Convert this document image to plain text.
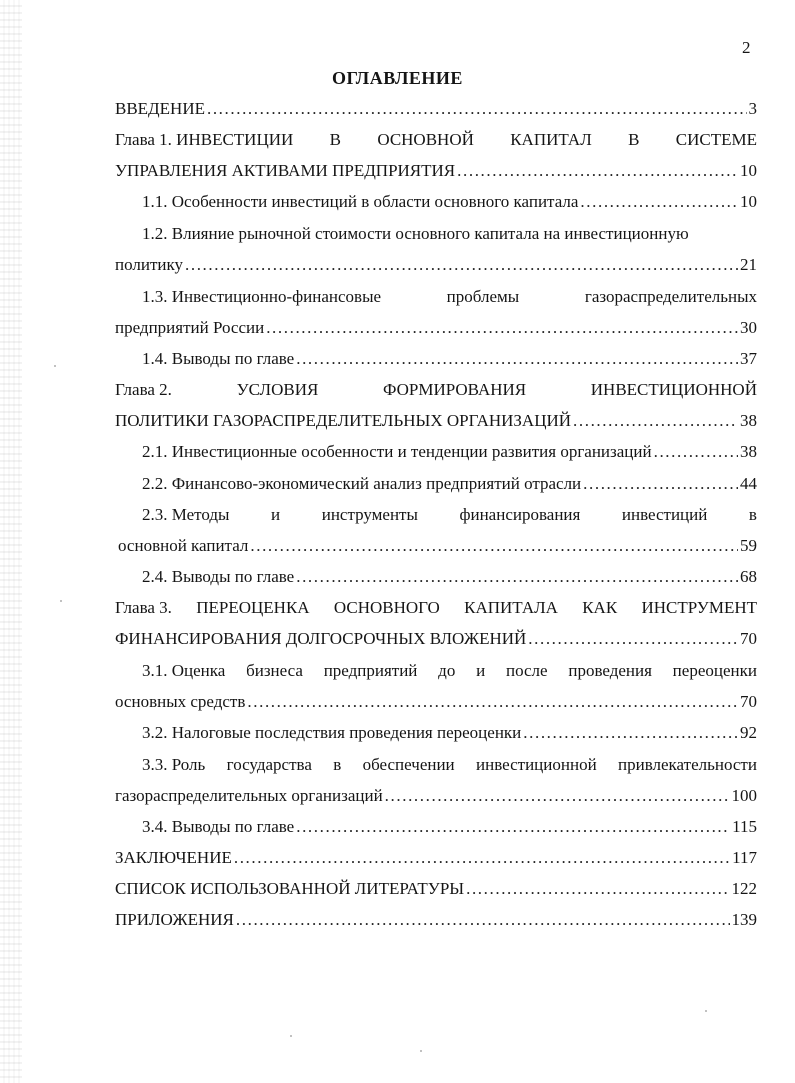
2
ОГЛАВЛЕНИЕ
ВВЕДЕНИЕ .....	3
Глава 1. ИНВЕСТИЦИИ В ОСНОВНОЙ КАПИТАЛ В СИСТЕМЕ
УПРАВЛЕНИЯ АКТИВАМИ ПРЕДПРИЯТИЯ .....	10
1.1. Особенности инвестиций в области основного капитала .....	10
1.2. Влияние рыночной стоимости основного капитала на инвестиционную
политику .....	21
1.3. Инвестиционно-финансовые	проблемы	газораспределительных
предприятий России .....	30
1.4. Выводы по главе .....	37
Глава 2.	УСЛОВИЯ	ФОРМИРОВАНИЯ	ИНВЕСТИЦИОННОЙ
ПОЛИТИКИ ГАЗОРАСПРЕДЕЛИТЕЛЬНЫХ ОРГАНИЗАЦИЙ .....	38
2.1. Инвестиционные особенности и тенденции развития организаций .....	38
2.2. Финансово-экономический анализ предприятий отрасли .....	44
2.3. Методы и инструменты финансирования инвестиций в
основной капитал .....	59
2.4. Выводы по главе .....	68
Глава 3. ПЕРЕОЦЕНКА ОСНОВНОГО КАПИТАЛА КАК ИНСТРУМЕНТ
ФИНАНСИРОВАНИЯ ДОЛГОСРОЧНЫХ ВЛОЖЕНИЙ .....	70
3.1. Оценка бизнеса предприятий до и после проведения переоценки
основных средств .....	70
3.2. Налоговые последствия проведения переоценки .....	92
3.3. Роль государства в обеспечении инвестиционной привлекательности
газораспределительных организаций .....	100
3.4. Выводы по главе .....	115
ЗАКЛЮЧЕНИЕ .....	117
СПИСОК ИСПОЛЬЗОВАННОЙ ЛИТЕРАТУРЫ .....	122
ПРИЛОЖЕНИЯ .....	139
